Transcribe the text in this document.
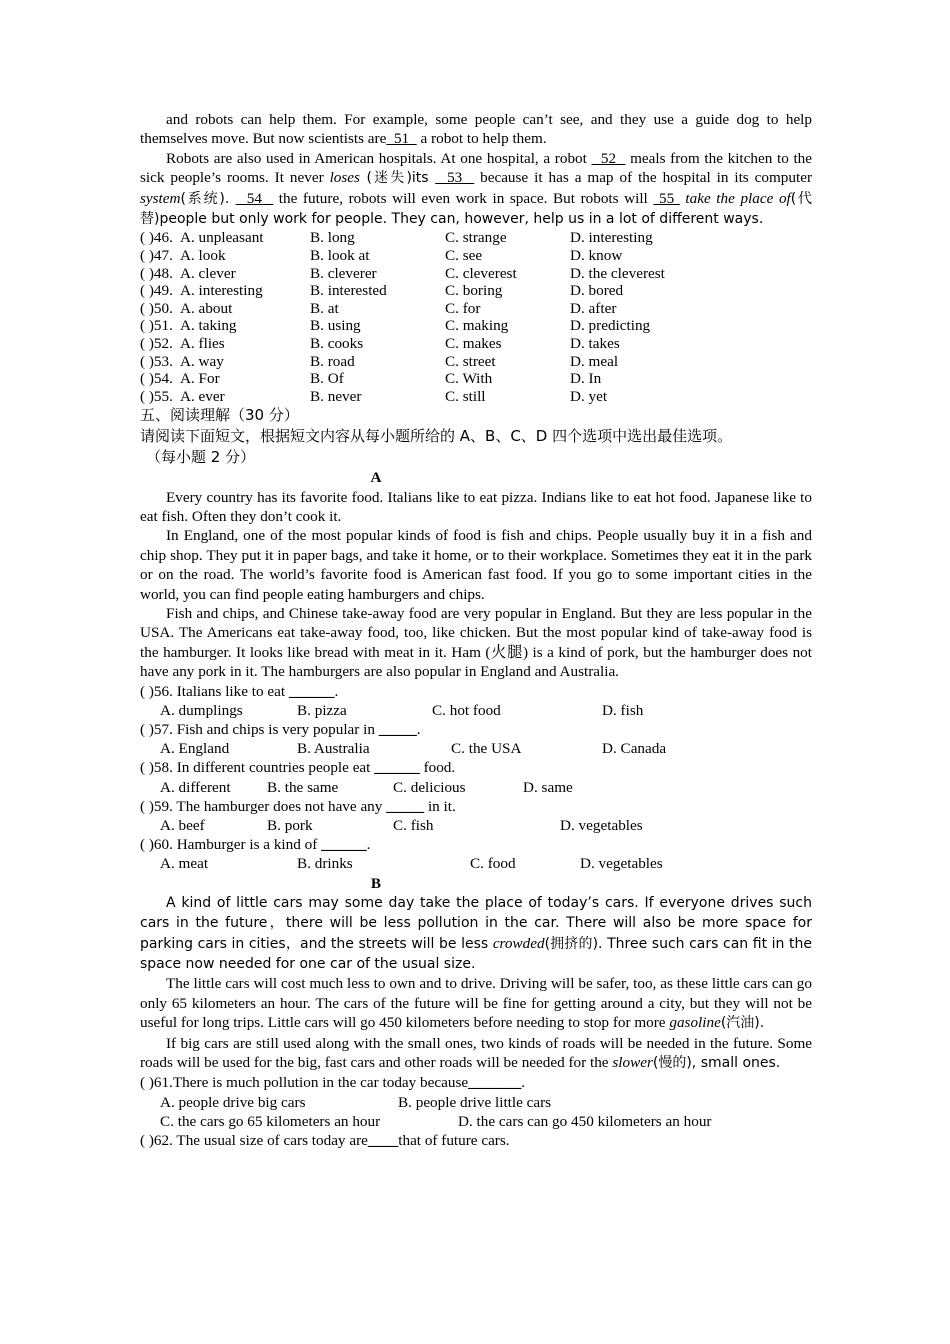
and robots can help them. For example, some people can’t see, and they use a guide dog to help themselves move. But now scientists are  51   a robot to help them.

Robots are also used in American hospitals. At one hospital, a robot   52   meals from the kitchen to the sick people’s rooms. It never loses (迷失)its   53   because it has a map of the hospital in its computer system(系统).   54   the future, robots will even work in space. But robots will  55  take the place of(代替)people but only work for people. They can, however, help us in a lot of different ways.

( )46. A. unpleasant	B. long	C. strange	D. interesting
( )47. A. look	B. look at	C. see	D. know
( )48. A. clever	B. cleverer	C. cleverest	D. the cleverest
( )49. A. interesting	B. interested	C. boring	D. bored
( )50. A. about	B. at	C. for	D. after
( )51. A. taking	B. using	C. making	D. predicting
( )52. A. flies	B. cooks	C. makes	D. takes
( )53. A. way	B. road	C. street	D. meal
( )54. A. For	B. Of	C. With	D. In
( )55. A. ever	B. never	C. still	D. yet

五、阅读理解（30 分）

请阅读下面短文，根据短文内容从每小题所给的 A、B、C、D 四个选项中选出最佳选项。

（每小题 2 分）

A

Every country has its favorite food. Italians like to eat pizza. Indians like to eat hot food. Japanese like to eat fish. Often they don’t cook it.

In England, one of the most popular kinds of food is fish and chips. People usually buy it in a fish and chip shop. They put it in paper bags, and take it home, or to their workplace. Sometimes they eat it in the park or on the road. The world’s favorite food is American fast food. If you go to some important cities in the world, you can find people eating hamburgers and chips.

Fish and chips, and Chinese take-away food are very popular in England. But they are less popular in the USA. The Americans eat take-away food, too, like chicken. But the most popular kind of take-away food is the hamburger. It looks like bread with meat in it. Ham (火腿) is a kind of pork, but the hamburger does not have any pork in it. The hamburgers are also popular in England and Australia.

( )56. Italians like to eat ______.

A. dumplings	B. pizza	C. hot food	D. fish

( )57. Fish and chips is very popular in _____.

A. England	B. Australia	C. the USA	D. Canada

( )58. In different countries people eat ______ food.

A. different B. the same	C. delicious	D. same

( )59. The hamburger does not have any _____ in it.

A. beef	B. pork	C. fish	D. vegetables

( )60. Hamburger is a kind of ______.

A. meat	B. drinks	C. food	D. vegetables

B

A kind of little cars may some day take the place of today’s cars. If everyone drives such cars in the future，there will be less pollution in the car. There will also be more space for parking cars in cities，and the streets will be less crowded(拥挤的). Three such cars can fit in the space now needed for one car of the usual size.

The little cars will cost much less to own and to drive. Driving will be safer, too, as these little cars can go only 65 kilometers an hour. The cars of the future will be fine for getting around a city, but they will not be useful for long trips. Little cars will go 450 kilometers before needing to stop for more gasoline(汽油).

If big cars are still used along with the small ones, two kinds of roads will be needed in the future. Some roads will be used for the big, fast cars and other roads will be needed for the slower(慢的), small ones.

( )61.There is much pollution in the car today because_______.

A. people drive big cars	B. people drive little cars
C. the cars go 65 kilometers an hour	D. the cars can go 450 kilometers an hour

( )62. The usual size of cars today are____that of future cars.
